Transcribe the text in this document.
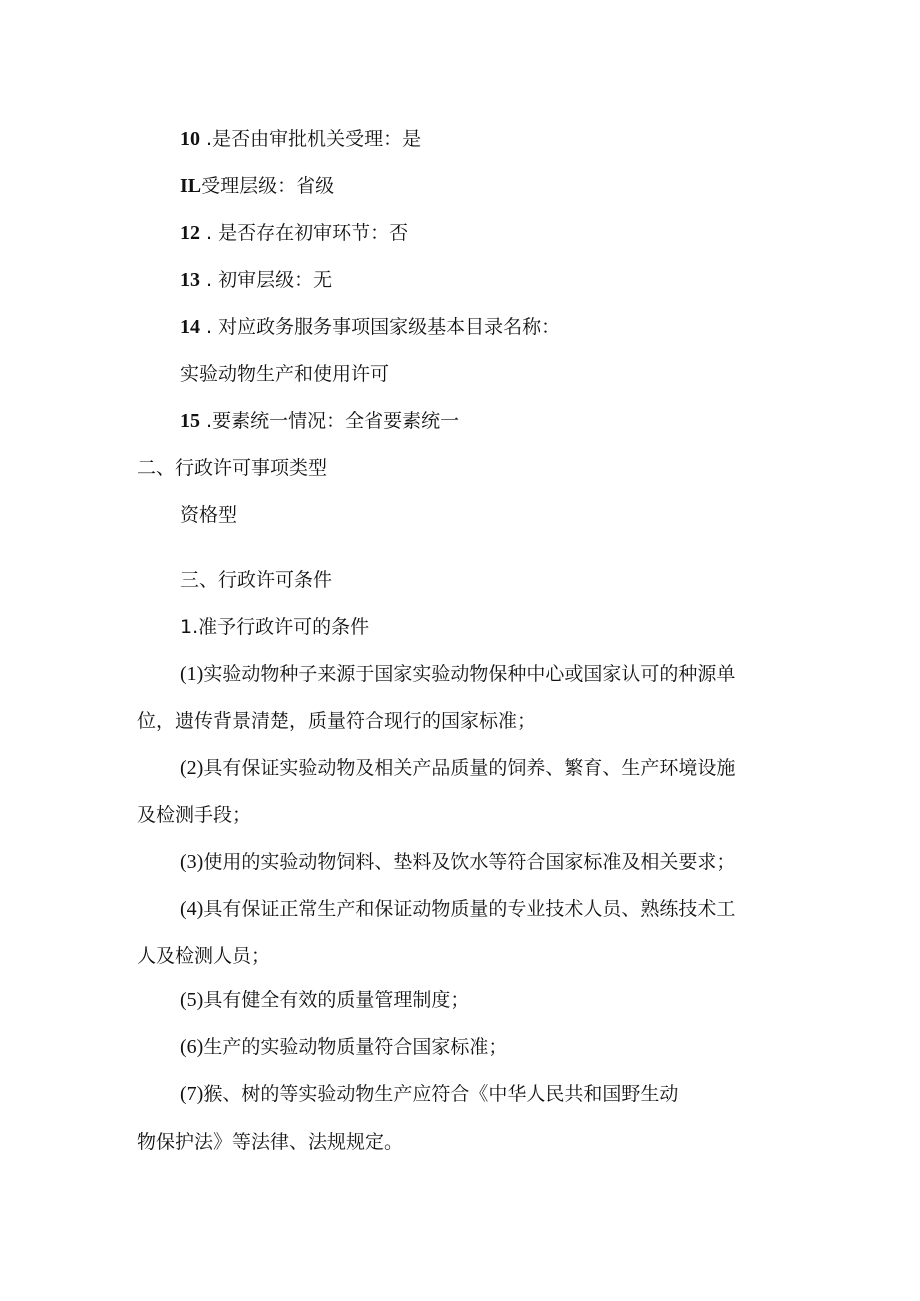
10 .是否由审批机关受理：是
IL受理层级：省级
12 . 是否存在初审环节：否
13 . 初审层级：无
14 . 对应政务服务事项国家级基本目录名称：
实验动物生产和使用许可
15 .要素统一情况：全省要素统一
二、行政许可事项类型
资格型
三、行政许可条件
1.准予行政许可的条件
(1)实验动物种子来源于国家实验动物保种中心或国家认可的种源单
位，遗传背景清楚，质量符合现行的国家标准；
(2)具有保证实验动物及相关产品质量的饲养、繁育、生产环境设施
及检测手段；
(3)使用的实验动物饲料、垫料及饮水等符合国家标准及相关要求；
(4)具有保证正常生产和保证动物质量的专业技术人员、熟练技术工
人及检测人员；
(5)具有健全有效的质量管理制度；
(6)生产的实验动物质量符合国家标准；
(7)猴、树的等实验动物生产应符合《中华人民共和国野生动
物保护法》等法律、法规规定。
